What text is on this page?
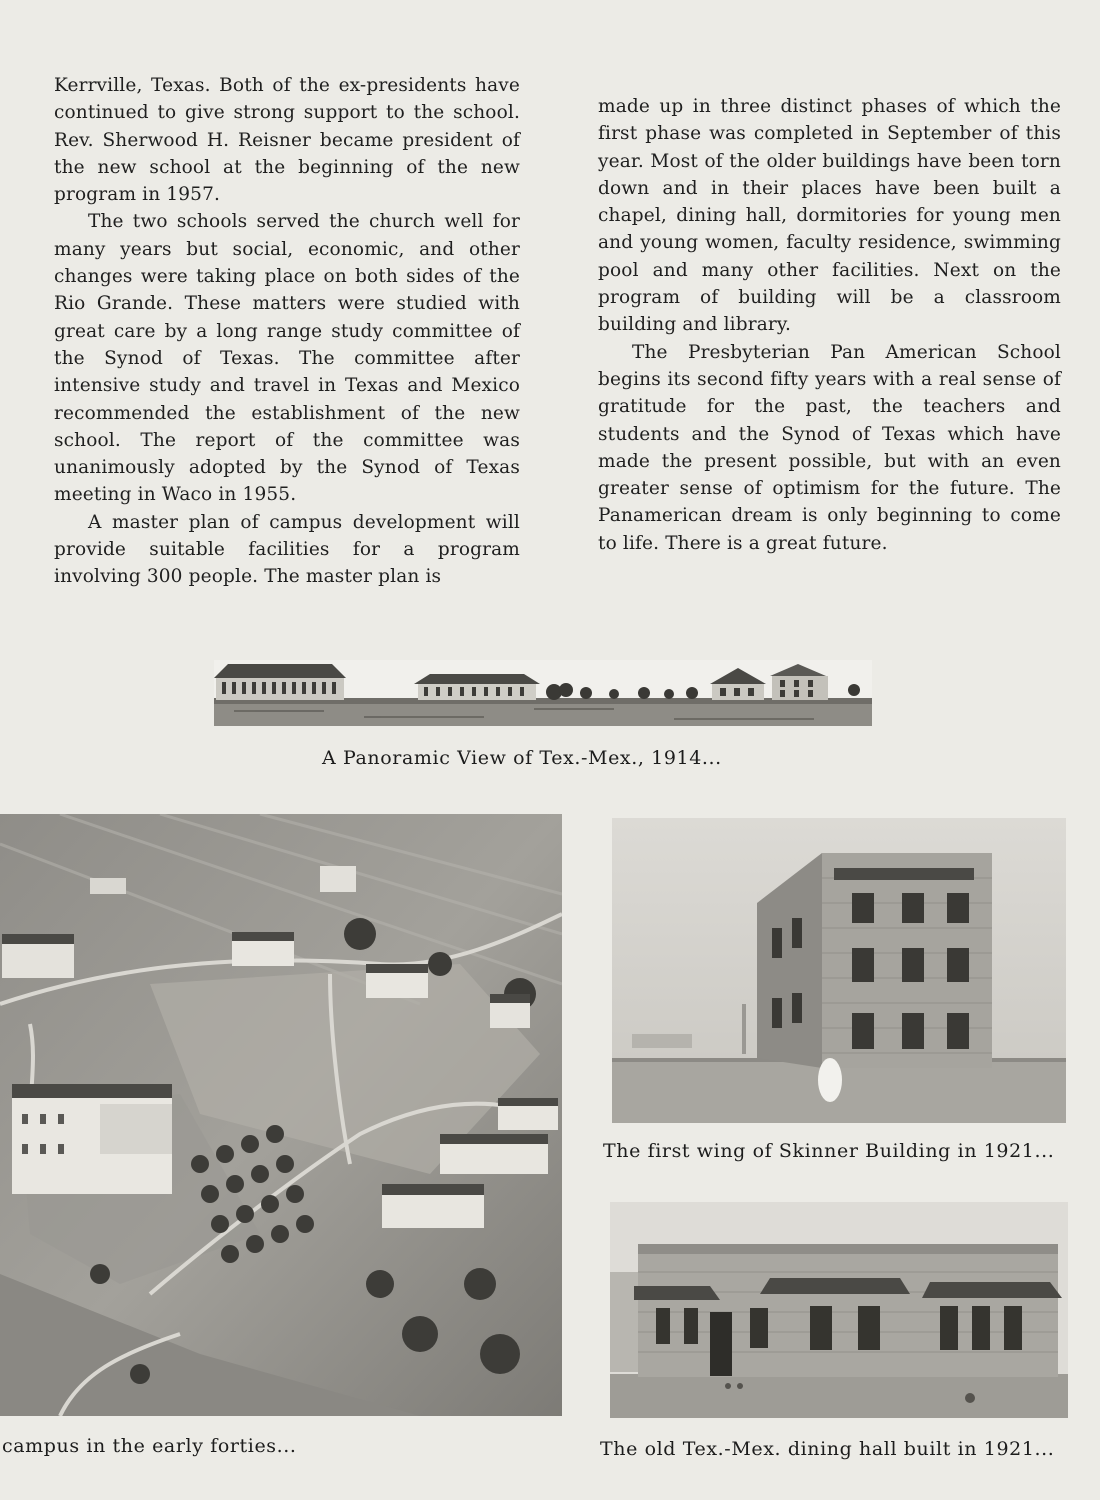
Kerrville, Texas. Both of the ex-presidents have continued to give strong support to the school. Rev. Sherwood H. Reisner became president of the new school at the beginning of the new program in 1957.

The two schools served the church well for many years but social, economic, and other changes were taking place on both sides of the Rio Grande. These matters were studied with great care by a long range study committee of the Synod of Texas. The committee after intensive study and travel in Texas and Mexico recommended the establishment of the new school. The report of the committee was unanimously adopted by the Synod of Texas meeting in Waco in 1955.

A master plan of campus development will provide suitable facilities for a program involving 300 people. The master plan is

made up in three distinct phases of which the first phase was completed in September of this year. Most of the older buildings have been torn down and in their places have been built a chapel, dining hall, dormitories for young men and young women, faculty residence, swimming pool and many other facilities. Next on the program of building will be a classroom building and library.

The Presbyterian Pan American School begins its second fifty years with a real sense of gratitude for the past, the teachers and students and the Synod of Texas which have made the present possible, but with an even greater sense of optimism for the future. The Panamerican dream is only beginning to come to life. There is a great future.

A Panoramic View of Tex.-Mex., 1914...
campus in the early forties...
The first wing of Skinner Building in 1921...
The old Tex.-Mex. dining hall built in 1921...
